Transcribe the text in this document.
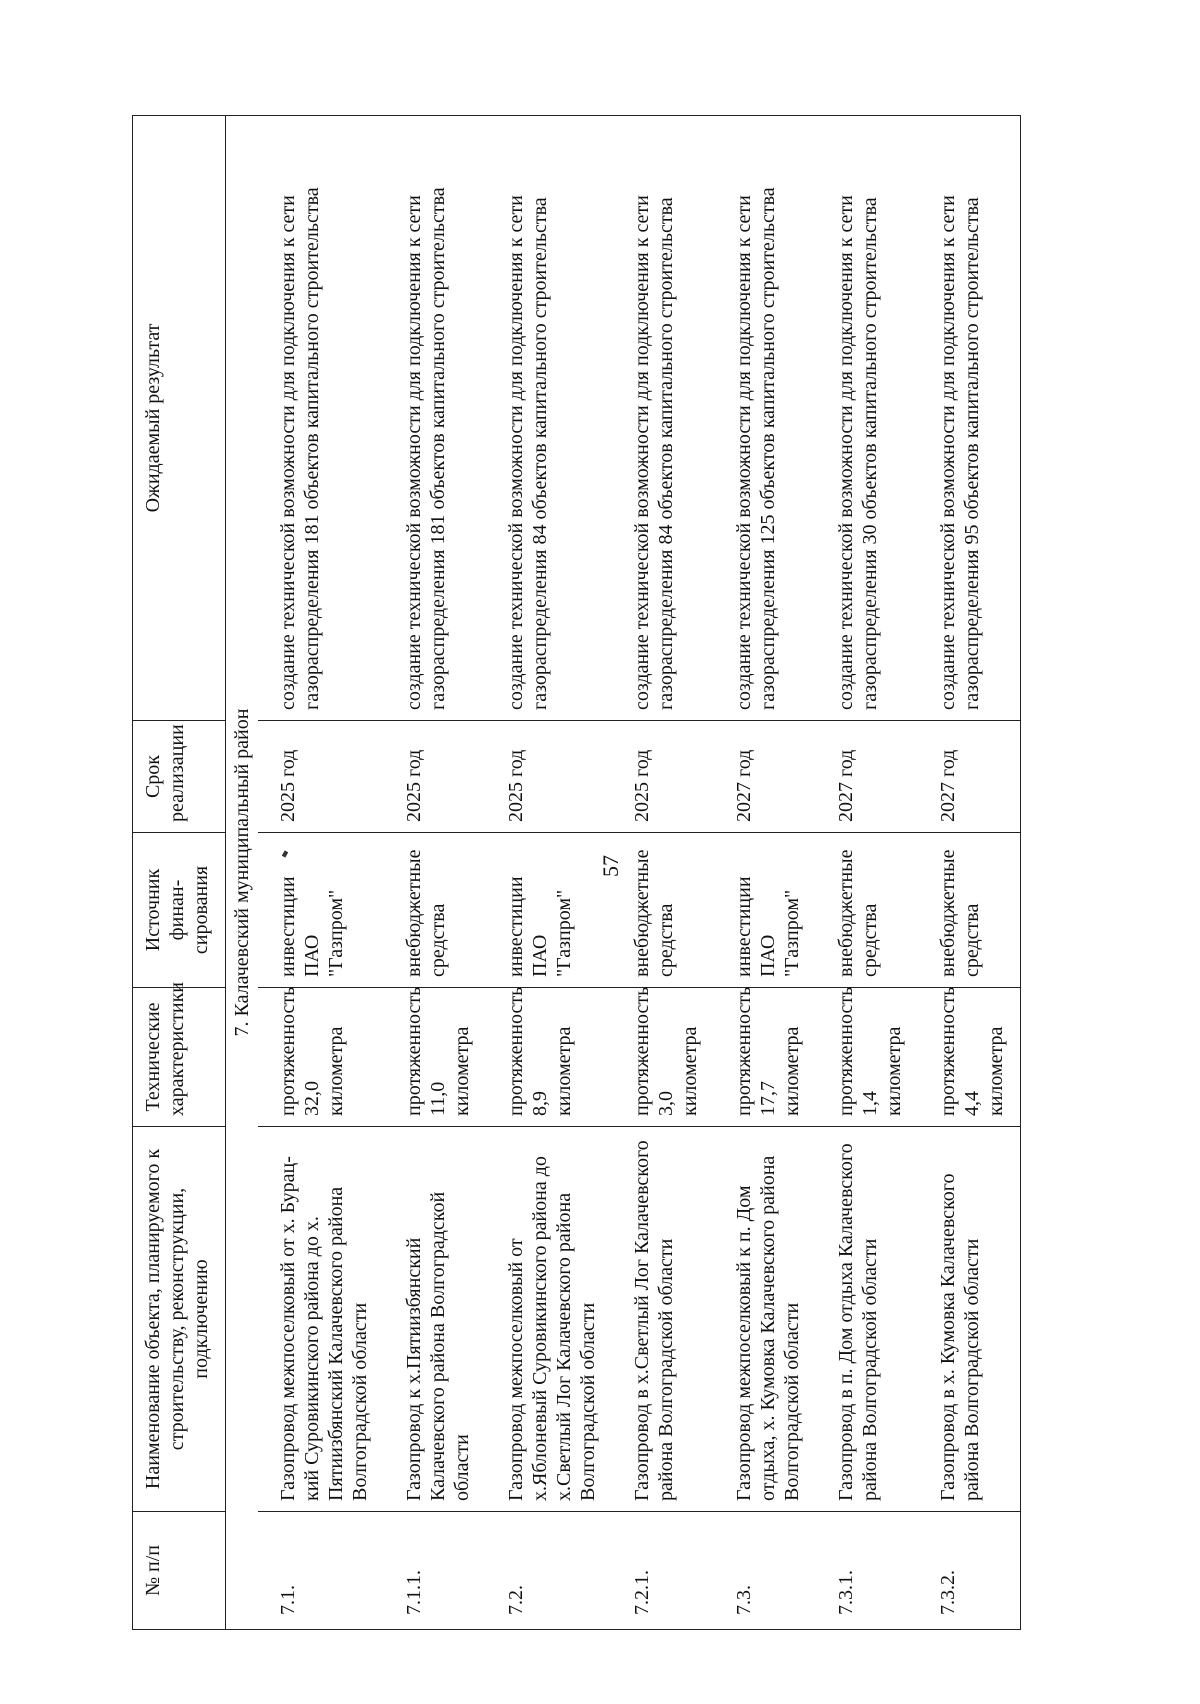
57
№ п/п	Наименование объекта, планируемого к строительству, реконструкции, подключению	Технические характеристики	Источник финан-сирования	Срок реализации	Ожидаемый результат
7. Калачевский муниципальный район					
7.1.	Газопровод межпоселковый от х. Бурац-кий Суровикинского района до х. Пятиизбянский Калачевского района Волгоградской области	протяженность 32,0 километра	инвестиции ПАО "Газпром"	2025 год	создание технической возможности для подключения к сети газораспределения 181 объектов капитального строительства
7.1.1.	Газопровод к х.Пятиизбянский Калачевского района Волгоградской области	протяженность 11,0 километра	внебюджетные средства	2025 год	создание технической возможности для подключения к сети газораспределения 181 объектов капитального строительства
7.2.	Газопровод межпоселковый от х.Яблоневый Суровикинского района до х.Светлый Лог Калачевского района Волгоградской области	протяженность 8,9 километра	инвестиции ПАО "Газпром"	2025 год	создание технической возможности для подключения к сети газораспределения 84 объектов капитального строительства
7.2.1.	Газопровод в х.Светлый Лог Калачевского района Волгоградской области	протяженность 3,0 километра	внебюджетные средства	2025 год	создание технической возможности для подключения к сети газораспределения 84 объектов капитального строительства
7.3.	Газопровод межпоселковый к п. Дом отдыха, х. Кумовка Калачевского района Волгоградской области	протяженность 17,7 километра	инвестиции ПАО "Газпром"	2027 год	создание технической возможности для подключения к сети газораспределения 125 объектов капитального строительства
7.3.1.	Газопровод в п. Дом отдыха Калачевского района Волгоградской области	протяженность 1,4 километра	внебюджетные средства	2027 год	создание технической возможности для подключения к сети газораспределения 30 объектов капитального строительства
7.3.2.	Газопровод в х. Кумовка Калачевского района Волгоградской области	протяженность 4,4 километра	внебюджетные средства	2027 год	создание технической возможности для подключения к сети газораспределения 95 объектов капитального строительства
